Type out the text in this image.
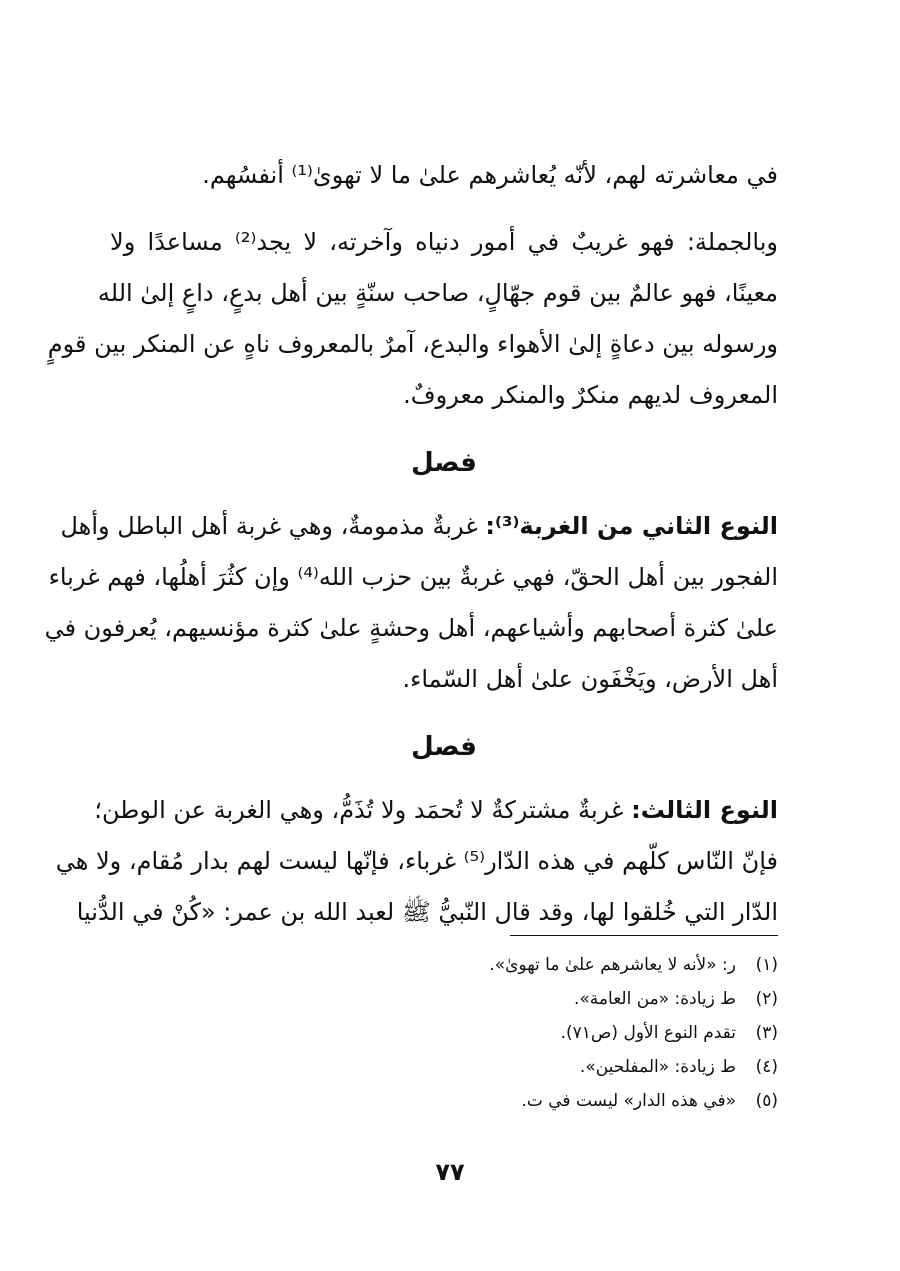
في معاشرته لهم، لأنّه يُعاشرهم علىٰ ما لا تهوىٰ⁽¹⁾ أنفسُهم.
وبالجملة: فهو غريبٌ في أمور دنياه وآخرته، لا يجد⁽²⁾ مساعدًا ولا
معينًا، فهو عالمٌ بين قوم جهّالٍ، صاحب سنّةٍ بين أهل بدعٍ، داعٍ إلىٰ الله
ورسوله بين دعاةٍ إلىٰ الأهواء والبدع، آمرٌ بالمعروف ناهٍ عن المنكر بين قومٍ
المعروف لديهم منكرٌ والمنكر معروفٌ.
فصل
النوع الثاني من الغربة⁽³⁾: غربةٌ مذمومةٌ، وهي غربة أهل الباطل وأهل
الفجور بين أهل الحقّ، فهي غربةٌ بين حزب الله⁽⁴⁾ وإن كثُرَ أهلُها، فهم غرباء
علىٰ كثرة أصحابهم وأشياعهم، أهل وحشةٍ علىٰ كثرة مؤنسيهم، يُعرفون في
أهل الأرض، ويَخْفَون علىٰ أهل السّماء.
فصل
النوع الثالث: غربةٌ مشتركةٌ لا تُحمَد ولا تُذَمُّ، وهي الغربة عن الوطن؛
فإنّ النّاس كلّهم في هذه الدّار⁽⁵⁾ غرباء، فإنّها ليست لهم بدار مُقام، ولا هي
الدّار التي خُلقوا لها، وقد قال النّبيُّ ﷺ لعبد الله بن عمر: «كُنْ في الدُّنيا
(١)
ر: «لأنه لا يعاشرهم علىٰ ما تهوىٰ».
(٢)
ط زيادة: «من العامة».
(٣)
تقدم النوع الأول (ص٧١).
(٤)
ط زيادة: «المفلحين».
(٥)
«في هذه الدار» ليست في ت.
٧٧
